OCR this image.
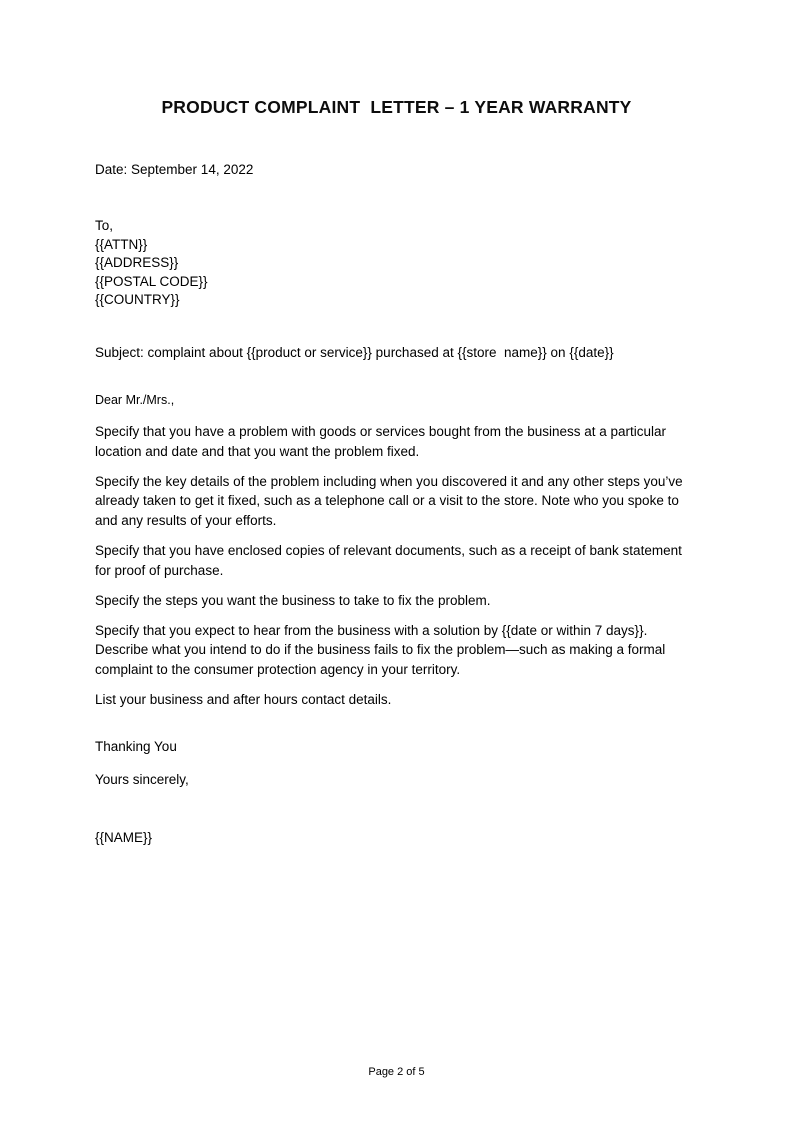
PRODUCT COMPLAINT  LETTER – 1 YEAR WARRANTY
Date: September 14, 2022
To,
{{ATTN}}
{{ADDRESS}}
{{POSTAL CODE}}
{{COUNTRY}}
Subject: complaint about {{product or service}} purchased at {{store  name}} on {{date}}
Dear Mr./Mrs.,

Specify that you have a problem with goods or services bought from the business at a particular location and date and that you want the problem fixed.

Specify the key details of the problem including when you discovered it and any other steps you’ve already taken to get it fixed, such as a telephone call or a visit to the store. Note who you spoke to and any results of your efforts.

Specify that you have enclosed copies of relevant documents, such as a receipt of bank statement for proof of purchase.

Specify the steps you want the business to take to fix the problem.

Specify that you expect to hear from the business with a solution by {{date or within 7 days}}. Describe what you intend to do if the business fails to fix the problem—such as making a formal complaint to the consumer protection agency in your territory.

List your business and after hours contact details.

Thanking You
Yours sincerely,
{{NAME}}
Page 2 of 5
